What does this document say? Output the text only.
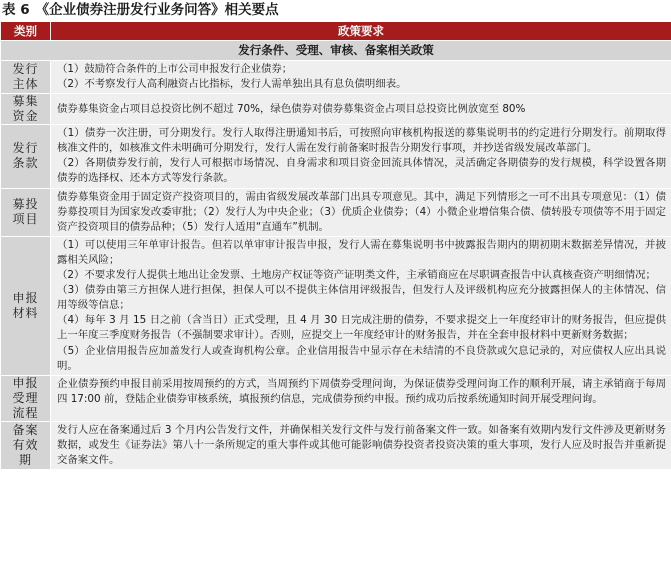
表 6 《企业债券注册发行业务问答》相关要点
类别	政策要求
发行条件、受理、审核、备案相关政策	
发行主体	（1）鼓励符合条件的上市公司申报发行企业债券；

（2）不考察发行人高利融资占比指标，发行人需单独出具有息负债明细表。

募集资金	债券募集资金占项目总投资比例不超过 70%，绿色债券对债券募集资金占项目总投资比例放宽至 80%

发行条款	（1）债券一次注册，可分期发行。发行人取得注册通知书后，可按照向审核机构报送的募集说明书的约定进行分期发行。前期取得核准文件的，如核准文件未明确可分期发行，发行人需在发行前备案时报告分期发行事项，并抄送省级发展改革部门。

（2）各期债券发行前，发行人可根据市场情况、自身需求和项目资金回流具体情况，灵活确定各期债券的发行规模，科学设置各期债券的选择权、还本方式等发行条款。

募投项目	债券募集资金用于固定资产投资项目的，需由省级发展改革部门出具专项意见。其中，满足下列情形之一可不出具专项意见：（1）债券募投项目为国家发改委审批；（2）发行人为中央企业；（3）优质企业债券；（4）小微企业增信集合债、债转股专项债等不用于固定资产投资项目的债券品种；（5）发行人适用“直通车”机制。

申报材料	（1）可以使用三年单审计报告。但若以单审审计报告申报，发行人需在募集说明书中披露报告期内的期初期末数据差异情况，并披露相关风险；

（2）不要求发行人提供土地出让金发票、土地房产权证等资产证明类文件，主承销商应在尽职调查报告中认真核查资产明细情况；

（3）债券由第三方担保人进行担保，担保人可以不提供主体信用评级报告，但发行人及评级机构应充分披露担保人的主体情况、信用等级等信息；

（4）每年 3 月 15 日之前（含当日）正式受理，且 4 月 30 日完成注册的债券，不要求提交上一年度经审计的财务报告，但应提供上一年度三季度财务报告（不强制要求审计）。否则，应提交上一年度经审计的财务报告，并在全套申报材料中更新财务数据；

（5）企业信用报告应加盖发行人或查询机构公章。企业信用报告中显示存在未结清的不良贷款或欠息记录的，对应债权人应出具说明。

申报受理流程	企业债券预约申报目前采用按周预约的方式，当周预约下周债券受理问询，为保证债券受理问询工作的顺利开展，请主承销商于每周四 17:00 前，登陆企业债券审核系统，填报预约信息，完成债券预约申报。预约成功后按系统通知时间开展受理问询。

备案有效期	发行人应在备案通过后 3 个月内公告发行文件，并确保相关发行文件与发行前备案文件一致。如备案有效期内发行文件涉及更新财务数据，或发生《证券法》第八十一条所规定的重大事件或其他可能影响债券投资者投资决策的重大事项，发行人应及时报告并重新提交备案文件。
